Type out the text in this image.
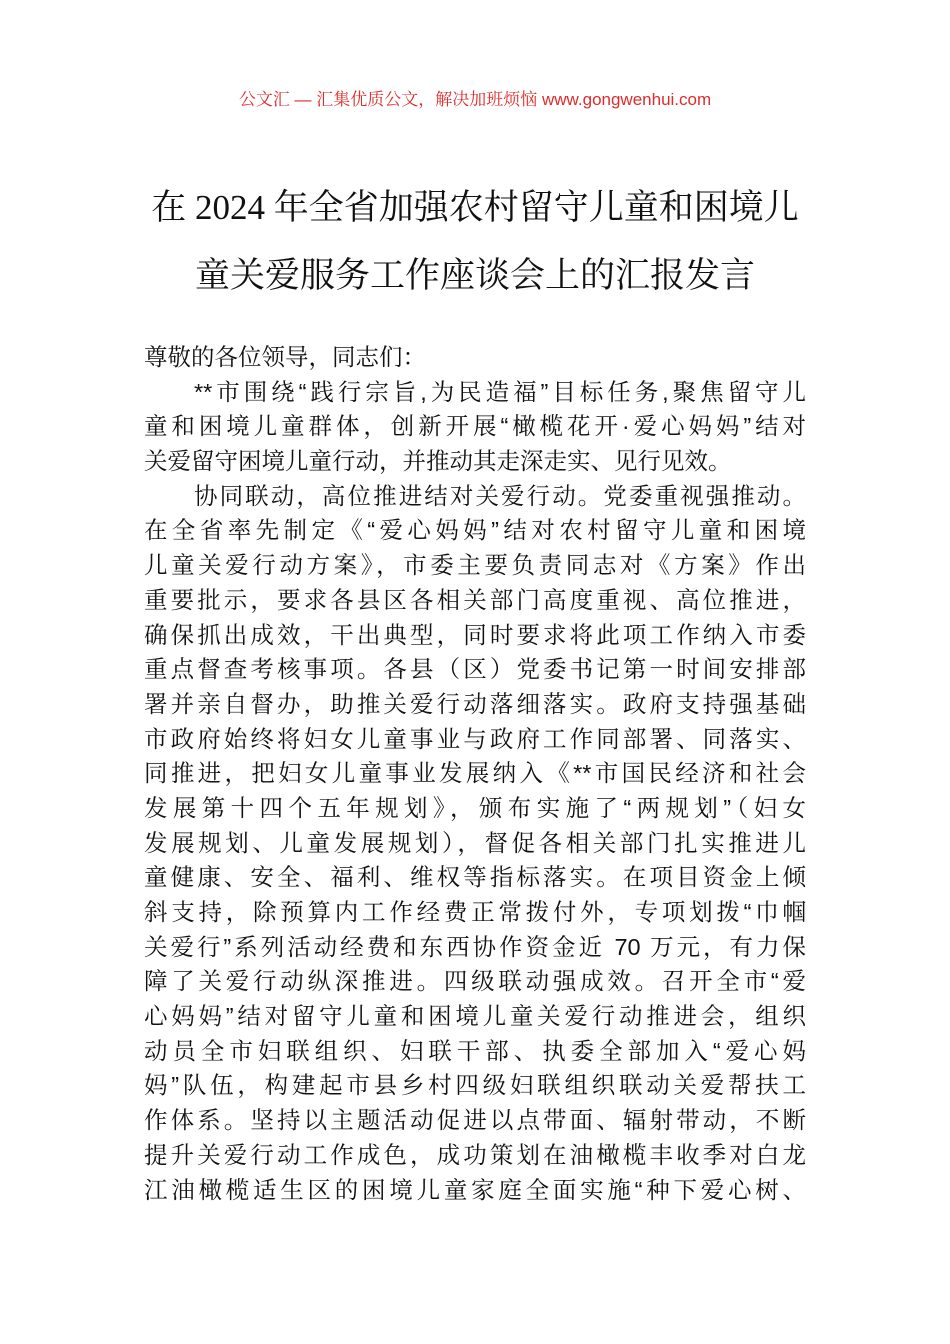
公文汇 — 汇集优质公文，解决加班烦恼 www.gongwenhui.com
在 2024 年全省加强农村留守儿童和困境儿
童关爱服务工作座谈会上的汇报发言
尊敬的各位领导，同志们：
**市围绕“践行宗旨,为民造福”目标任务,聚焦留守儿
童和困境儿童群体，创新开展“橄榄花开·爱心妈妈”结对
关爱留守困境儿童行动，并推动其走深走实、见行见效。
协同联动，高位推进结对关爱行动。党委重视强推动。
在全省率先制定《“爱心妈妈”结对农村留守儿童和困境
儿童关爱行动方案》，市委主要负责同志对《方案》作出
重要批示，要求各县区各相关部门高度重视、高位推进，
确保抓出成效，干出典型，同时要求将此项工作纳入市委
重点督查考核事项。各县（区）党委书记第一时间安排部
署并亲自督办，助推关爱行动落细落实。政府支持强基础
市政府始终将妇女儿童事业与政府工作同部署、同落实、
同推进，把妇女儿童事业发展纳入《**市国民经济和社会
发展第十四个五年规划》，颁布实施了“两规划”（妇女
发展规划、儿童发展规划），督促各相关部门扎实推进儿
童健康、安全、福利、维权等指标落实。在项目资金上倾
斜支持，除预算内工作经费正常拨付外，专项划拨“巾帼
关爱行”系列活动经费和东西协作资金近 70 万元，有力保
障了关爱行动纵深推进。四级联动强成效。召开全市“爱
心妈妈”结对留守儿童和困境儿童关爱行动推进会，组织
动员全市妇联组织、妇联干部、执委全部加入“爱心妈
妈”队伍，构建起市县乡村四级妇联组织联动关爱帮扶工
作体系。坚持以主题活动促进以点带面、辐射带动，不断
提升关爱行动工作成色，成功策划在油橄榄丰收季对白龙
江油橄榄适生区的困境儿童家庭全面实施“种下爱心树、
